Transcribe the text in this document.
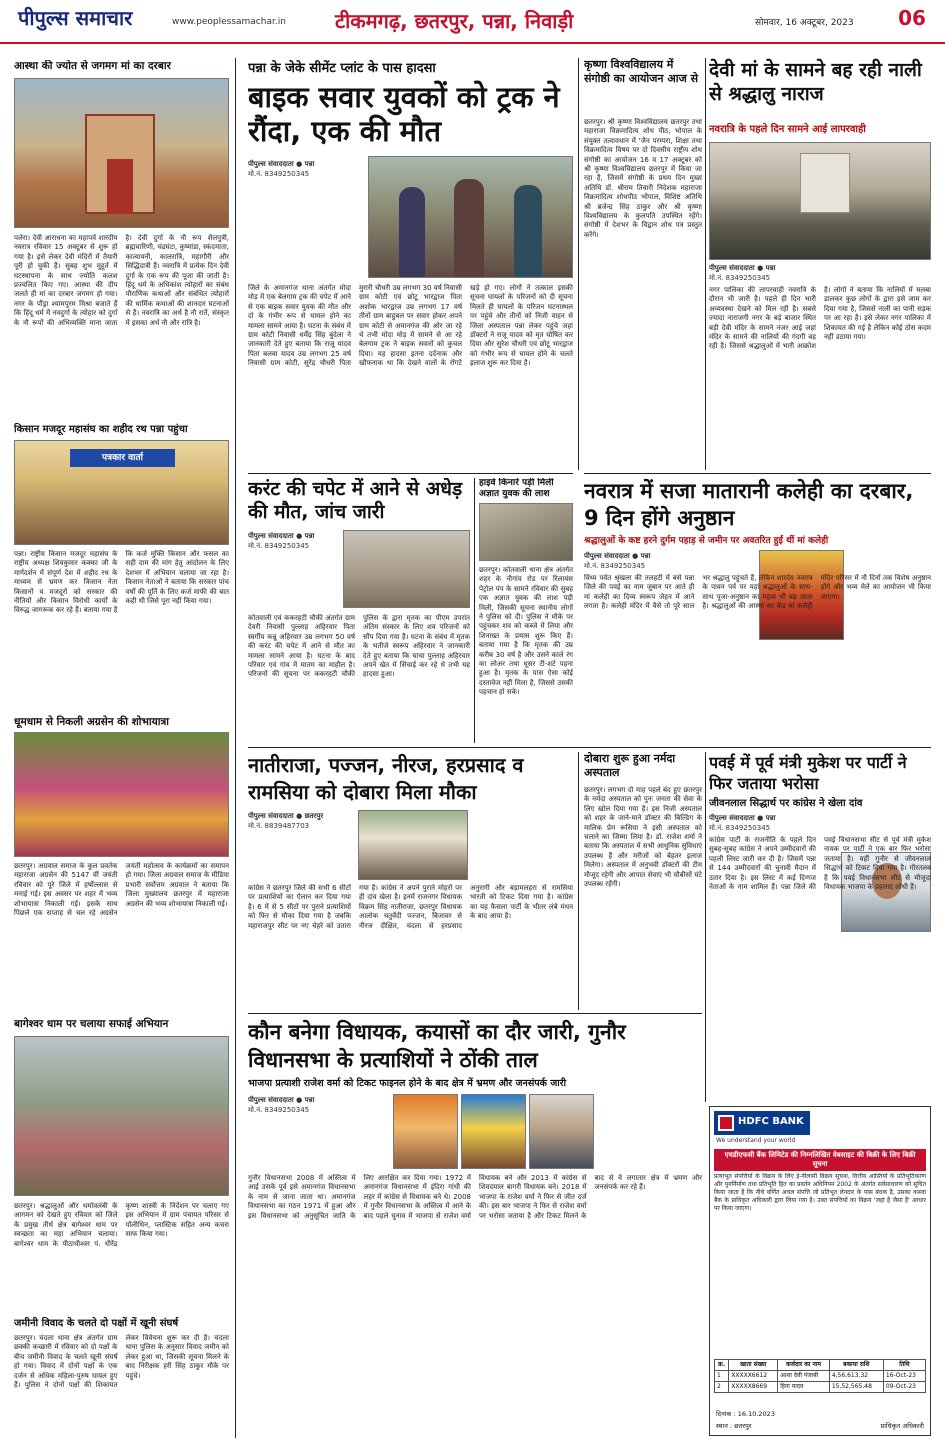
पीपुल्स समाचार	www.peoplessamachar.in टीकमगढ़, छतरपुर, पन्ना, निवाड़ी	सोमवार, 16 अक्टूबर, 2023	06
आस्था की ज्योत से जगमग मां का दरबार
पलेरा। देवी आराधना का महापर्व शारदीय नवरात्र रविवार 15 अक्टूबर से शुरू हो गया है। इसे लेकर देवी मंदिरों में तैयारी पूरी हो चुकी है। सुबह शुभ मुहूर्त में घटस्थापना के साथ ज्योति कलश प्रज्वलित किए गए। आस्था की दीप जलते ही मां का दरबार जगमग हो गया। नगर के पौंड्रा श्यामपुरम मिश्रा बजाते हैं कि हिंदू धर्म में नवदुर्गा के त्योहार को दुर्गा के नौ रूपों की अभिव्यक्ति माना जाता है। देवी दुर्गा के नौ रूप शैलपुत्री, ब्रह्मचारिणी, चंद्रघंटा, कुष्मांडा, स्कंदमाता, कात्यायनी, कालरात्रि, महागौरी और सिद्धिदात्री हैं। नवरात्रि में प्रत्येक दिन देवी दुर्गा के एक रूप की पूजा की जाती है। हिंदू धर्म के अधिकांश त्योहारों का संबंध पौराणिक कथाओं और संबंधित त्योहारों की धार्मिक कथाओं की शानदार घटनाओं से है। नवरात्रि का अर्थ है नौ रातें, संस्कृत में इसका अर्थ नौ और रात्रि है।
किसान मजदूर महासंघ का शहीद रथ पन्ना पहुंचा
पत्रकार वार्ता
पन्ना। राष्ट्रीय किसान मजदूर महासंघ के राष्ट्रीय अध्यक्ष शिवकुमार कक्का जी के मार्गदर्शन में संपूर्ण देश में शहीद रथ के माध्यम से भ्रमण कर किसान नेता किसानों व मजदूरों को सरकार की नीतियों और किसान विरोधी कार्यों के विरुद्ध जागरूक कर रहे हैं। बताया गया है कि कर्ज मुक्ति किसान और फसल का सही दाम की मांग हेतु आंदोलन के लिए देशभर में अभियान चलाया जा रहा है। किसान नेताओं ने बताया कि सरकार पांच वर्षों की पूर्ति के लिए कर्ज माफी की बात कही थी जिसे पूरा नहीं किया गया।
धूमधाम से निकली अग्रसेन की शोभायात्रा
छतरपुर। अग्रवाल समाज के कुल प्रवर्तक महाराजा अग्रसेन की 5147 वीं जयंती रविवार को पूरे जिले में हर्षोल्लास से मनाई गई। इस अवसर पर शहर में भव्य शोभायात्रा निकाली गई। इसके साथ पिछले एक सप्ताह से चल रहे अग्रसेन जयंती महोत्सव के कार्यक्रमों का समापन हो गया। जिला अग्रवाल समाज के मीडिया प्रभारी सर्वोत्तम अग्रवाल ने बताया कि जिला मुख्यालय छतरपुर में महाराजा अग्रसेन की भव्य शोभायात्रा निकाली गई।
बागेश्वर धाम पर चलाया सफाई अभियान
छतरपुर। श्रद्धालुओं और धर्मावलंबी के आगमन को देखते हुए रविवार को जिले के प्रमुख तीर्थ क्षेत्र बागेश्वर धाम पर स्वच्छता का महा अभियान चलाया। बागेश्वर धाम के पीठाधीश्वर पं. धीरेंद्र कृष्ण शास्त्री के निर्देशन पर चलाए गए इस अभियान में ग्राम पंचायत परिसर से पॉलीथिन, प्लास्टिक सहित अन्य कचरा साफ किया गया।
जमीनी विवाद के चलते दो पक्षों में खूनी संघर्ष
छतरपुर। चंदला थाना क्षेत्र अंतर्गत ग्राम छक्की कच्छारी में रविवार को दो पक्षों के बीच जमीनी विवाद के चलते खूनी संघर्ष हो गया। विवाद में दोनों पक्षों के एक दर्जन से अधिक महिला-पुरुष घायल हुए हैं। पुलिस ने दोनों पक्षों की शिकायत लेकर विवेचना शुरू कर दी है। चंदला थाना पुलिस के अनुसार विवाद जमीन को लेकर हुआ था, जिसकी सूचना मिलने के बाद निरीक्षक हरी सिंह ठाकुर मौके पर पहुंचे।
पन्ना के जेके सीमेंट प्लांट के पास हादसा
बाइक सवार युवकों को ट्रक ने रौंदा, एक की मौत
पीपुल्स संवाददाता ● पन्ना
मो.नं. 8349250345
जिले के अमानगंज थाना अंतर्गत मोदा मोड़ में एक बेलगाम ट्रक की चपेट में आने से एक बाइक सवार युवक की मौत और दो के गंभीर रूप से घायल होने का मामला सामने आया है। घटना के संबंध में ग्राम कोटी निवासी धर्मेंद्र सिंह बुंदेला ने जानकारी देते हुए बताया कि राजू यादव पिता बलवा यादव उम्र लगभग 25 वर्ष निवासी ग्राम कोटी, सुरेंद्र चौधरी पिता मुरारी चौधरी उम्र लगभग 30 वर्ष निवासी ग्राम कोटी एवं छोटू भारद्वाज पिता अशोक भारद्वाज उम्र लगभग 17 वर्ष तीनों ग्राम बाहुबल पर सवार होकर अपने ग्राम कोटी से अमानगंज की ओर जा रहे थे तभी मोदा मोड़ में सामने से आ रहे बेलगाम ट्रक ने बाइक सवारों को कुचल दिया। यह हादसा इतना दर्दनाक और खौफनाक था कि देखने वालों के रोंगटे खड़े हो गए। लोगों ने तत्काल इसकी सूचना घायलों के परिजनों को दी सूचना मिलते ही घायलों के परिजन घटनास्थल पर पहुंचे और तीनों को निजी वाहन से जिला अस्पताल पन्ना लेकर पहुंचे जहां डॉक्टरों ने राजू यादव को मृत घोषित कर दिया और सुरेश चौधरी एवं छोटू भारद्वाज को गंभीर रूप से घायल होने के चलते इलाज शुरू कर दिया है।
करंट की चपेट में आने से अधेड़ की मौत, जांच जारी
पीपुल्स संवाददाता ● पन्ना
मो.नं. 8349250345
कोतवाली एवं ककरहटी चौकी अंतर्गत ग्राम देवरी निवासी पुल्लाह अहिरवार पिता स्वर्गीय कन्नू अहिरवार उम्र लगभग 50 वर्ष की करंट की चपेट में आने से मौत का मामला सामने आया है। घटना के बाद परिवार एवं गांव में मातम का माहौल है। परिजनों की सूचना पर ककरहटी चौकी पुलिस के द्वारा मृतक का पीएम उपरांत अंतिम संस्कार के लिए शव परिजनों को सौंप दिया गया है। घटना के संबंध में मृतक के भतीजे स्वरूप अहिरवार ने जानकारी देते हुए बताया कि चाचा पुल्लाह अहिरवार अपने खेत में सिंचाई कर रहे थे तभी यह हादसा हुआ।
हाइवे किनारे पड़ी मिली अज्ञात युवक की लाश
छतरपुर। कोतवाली थाना क्षेत्र अंतर्गत शहर के नौगांव रोड पर रिलायंस पेट्रोल पंप के सामने रविवार की सुबह एक अज्ञात युवक की लाश पड़ी मिली, जिसकी सूचना स्थानीय लोगों ने पुलिस को दी। पुलिस ने मौके पर पहुंचकर शव को कब्जे में लिया और शिनाख्त के प्रयास शुरू किए हैं। बताया गया है कि मृतक की उम्र करीब 30 वर्ष है और उसने काले रंग का लोअर तथा धूसर टी-शर्ट पहना हुआ है। मृतक के पास ऐसा कोई दस्तावेज नहीं मिला है, जिससे उसकी पहचान हो सके।
कृष्णा विश्वविद्यालय में संगोष्ठी का आयोजन आज से
छतरपुर। श्री कृष्णा विश्वविद्यालय छतरपुर तथा महाराजा विक्रमादित्य शोध पीठ, भोपाल के संयुक्त तत्वावधान में 'जैन परम्परा, शिक्षा तथा विक्रमादित्य विषय पर दो दिवसीय राष्ट्रीय शोध संगोष्ठी का आयोजन 16 व 17 अक्टूबर को श्री कृष्णा विश्वविद्यालय छतरपुर में किया जा रहा है, जिसमें संगोष्ठी के प्रथम दिन मुख्य अतिथि डॉ. श्रीराम तिवारी निदेशक महाराजा विक्रमादित्य शोधपीठ भोपाल, विशिष्ट अतिथि श्री ब्रजेन्द्र सिंह ठाकुर और श्री कृष्णा विश्वविद्यालय के कुलपति उपस्थित रहेंगे। संगोष्ठी में देशभर के विद्वान शोध पत्र प्रस्तुत करेंगे।
देवी मां के सामने बह रही नाली से श्रद्धालु नाराज
नवरात्रि के पहले दिन सामने आई लापरवाही
पीपुल्स संवाददाता ● पन्ना
मो.नं. 8349250345
नगर पालिका की लापरवाही नवरात्रि के दौरान भी जारी है। पहले ही दिन भारी अव्यवस्था देखने को मिल रही है। सबसे ज्यादा नाराजगी नगर के बड़े बाजार स्थित बड़ी देवी मंदिर के सामने नजर आई जहां मंदिर के सामने की नालियों की गंदगी बह रही है। जिससे श्रद्धालुओं में भारी आक्रोश है। लोगों ने बताया कि नालियों में मलबा डालकर कुछ लोगों के द्वारा इसे जाम कर दिया गया है, जिससे नाली का पानी सड़क पर आ रहा है। इसे लेकर नगर पालिका में शिकायत की गई है लेकिन कोई ठोस कदम नहीं उठाया गया।
नवरात्र में सजा मातारानी कलेही का दरबार, 9 दिन होंगे अनुष्ठान
श्रद्धालुओं के कष्ट हरने दुर्गम पहाड़ से जमीन पर अवतरित हुईं थीं मां कलेही
पीपुल्स संवाददाता ● पन्ना
मो.नं. 8349250345
विंध्य पर्वत श्रृंखला की तलहटी में बसे पन्ना जिले की पवई का नाम जुबान पर आते ही मां कलेही का दिव्य स्वरूप जेहन में आने लगता है। कलेही मंदिर में वैसे तो पूरे साल भर श्रद्धालु पहुंचते हैं, लेकिन शारदेय नवरात्र के पावन पर्व पर यहां श्रद्धालुओं के साथ-साथ पूजा-अनुष्ठान का महत्व भी बढ़ जाता है। श्रद्धालुओं की आस्था का केंद्र मां कलेही मंदिर परिसर में नौ दिनों तक विशेष अनुष्ठान होंगे और भव्य मेले का आयोजन भी किया जाएगा।
नातीराजा, पज्जन, नीरज, हरप्रसाद व रामसिया को दोबारा मिला मौका
पीपुल्स संवाददाता ● छतरपुर
मो.नं. 8839487703
कांग्रेस ने छतरपुर जिले की सभी 6 सीटों पर प्रत्याशियों का ऐलान कर दिया गया है। 6 में से 5 सीटों पर पुराने प्रत्याशियों को फिर से मौका दिया गया है जबकि महाराजपुर सीट पर नए चेहरे को उतारा गया है। कांग्रेस ने अपने पुराने मोहरों पर ही दांव खेला है। इनमें राजनगर विधायक विक्रम सिंह नातीराजा, छतरपुर विधायक आलोक चतुर्वेदी पज्जन, बिजावर से नीरज दीक्षित, चंदला से हरप्रसाद अनुरागी और बड़ामलहरा से रामसिया भारती को टिकट दिया गया है। कांग्रेस का यह फैसला पार्टी के भीतर लंबे मंथन के बाद आया है।
दोबारा शुरू हुआ नर्मदा अस्पताल
छतरपुर। लगभग दो माह पहले बंद हुए छतरपुर के नर्मदा अस्पताल को पुनः जनता की सेवा के लिए खोल दिया गया है। इस निजी अस्पताल को शहर के जाने-माने डॉक्टर की बिल्डिंग के मालिक प्रेम रूसिया ने इसी अस्पताल को चलाने का जिम्मा लिया है। डॉ. राजेश शर्मा ने बताया कि अस्पताल में सभी आधुनिक सुविधाएं उपलब्ध हैं और मरीजों को बेहतर इलाज मिलेगा। अस्पताल में अनुभवी डॉक्टरों की टीम मौजूद रहेगी और आपात सेवाएं भी चौबीसों घंटे उपलब्ध रहेंगी।
पवई में पूर्व मंत्री मुकेश पर पार्टी ने फिर जताया भरोसा
जीवनलाल सिद्धार्थ पर कांग्रेस ने खेला दांव
पीपुल्स संवाददाता ● पन्ना
मो.नं. 8349250345
कांग्रेस पार्टी के राजनीति के पहले दिन सुबह-सुबह कांग्रेस ने अपने उम्मीदवारों की पहली लिस्ट जारी कर दी है। जिसमें पन्ना से 144 उम्मीदवारों की चुनावी मैदान में उतार दिया है। इस लिस्ट में कई दिग्गज नेताओं के नाम शामिल हैं। पन्ना जिले की पवई विधानसभा सीट से पूर्व मंत्री मुकेश नायक पर पार्टी ने एक बार फिर भरोसा जताया है। वहीं गुनौर से जीवनलाल सिद्धार्थ को टिकट दिया गया है। गौरतलब है कि पवई विधानसभा सीट से मौजूदा विधायक भाजपा के प्रहलाद लोधी हैं।
कौन बनेगा विधायक, कयासों का दौर जारी, गुनौर विधानसभा के प्रत्याशियों ने ठोंकी ताल
भाजपा प्रत्याशी राजेश वर्मा को टिकट फाइनल होने के बाद क्षेत्र में भ्रमण और जनसंपर्क जारी
पीपुल्स संवाददाता ● पन्ना
मो.नं. 8349250345
गुनौर विधानसभा 2008 में अस्तित्व में आई उसके पूर्व इसे अमानगंज विधानसभा के नाम से जाना जाता था। अमानगंज विधानसभा का गठन 1971 में हुआ और इस विधानसभा को अनुसूचित जाति के लिए आरक्षित कर दिया गया। 1972 में अमानगंज विधानसभा में इंदिरा गांधी की लहर में कांग्रेस से विधायक बने थे। 2008 में गुनौर विधानसभा के अस्तित्व में आने के बाद पहले चुनाव में भाजपा से राजेश वर्मा विधायक बने और 2013 में कांग्रेस से शिवदयाल बागरी विधायक बने। 2018 में भाजपा के राजेश वर्मा ने फिर से जीत दर्ज की। इस बार भाजपा ने फिर से राजेश वर्मा पर भरोसा जताया है और टिकट मिलने के बाद से वे लगातार क्षेत्र में भ्रमण और जनसंपर्क कर रहे हैं।
HDFC BANK
We understand your world
एचडीएफसी बैंक लिमिटेड की निम्नलिखित वेबसाइट की बिक्री के लिए बिक्री सूचना
प्रत्याभूत संपत्तियों के विक्रय के लिए ई-नीलामी विक्रय सूचना, वित्तीय आस्तियों के प्रतिभूतिकरण और पुनर्निर्माण तथा प्रतिभूति हित का प्रवर्तन अधिनियम 2002 के अंतर्गत सर्वसाधारण को सूचित किया जाता है कि नीचे वर्णित अचल संपत्ति जो प्रतिभूत लेनदार के पास बंधक है, उसका कब्जा बैंक के प्राधिकृत अधिकारी द्वारा लिया गया है। उक्त संपत्तियों का विक्रय 'जहां है जैसा है' आधार पर किया जाएगा।
क्र.	खाता संख्या	कर्जदार का नाम	बकाया राशि	तिथि
1	XXXXX6612	आशा देवी पंजाबी	4,56,613.32	16-Oct-23
2	XXXXX8669	हिना यादव	15,52,565.48	09-Oct-23
दिनांक : 16.10.2023
स्थान : छतरपुर	प्राधिकृत अधिकारी
